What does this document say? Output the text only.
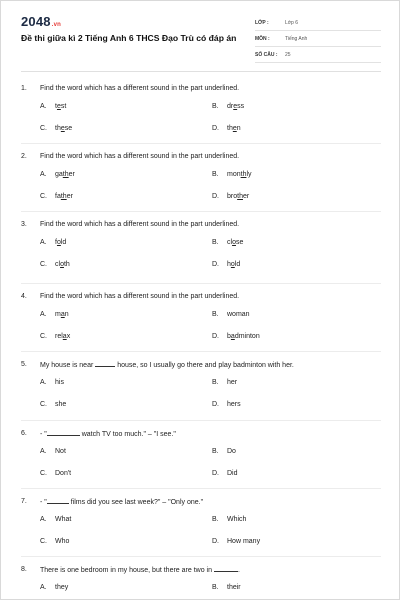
2048.vn
Đề thi giữa kì 2 Tiếng Anh 6 THCS Đạo Trù có đáp án
LỚP :	Lớp 6
MÔN :	Tiếng Anh
SỐ CÂU :	25
1.	Find the word which has a different sound in the part underlined.
A.	test	B.	dress
C.	these	D.	then
2.	Find the word which has a different sound in the part underlined.
A.	gather	B.	monthly
C.	father	D.	brother
3.	Find the word which has a different sound in the part underlined.
A.	fold	B.	close
C.	cloth	D.	hold
4.	Find the word which has a different sound in the part underlined.
A.	man	B.	woman
C.	relax	D.	badminton
5.	My house is near	house, so I usually go there and play badminton with her.
A.	his	B.	her
C.	she	D.	hers
6.	- "	watch TV too much." – "I see."
A.	Not	B.	Do
C.	Don't	D.	Did
7.	- "	films did you see last week?" – "Only one."
A.	What	B.	Which
C.	Who	D.	How many
8.	There is one bedroom in my house, but there are two in	.
A.	they	B.	their
